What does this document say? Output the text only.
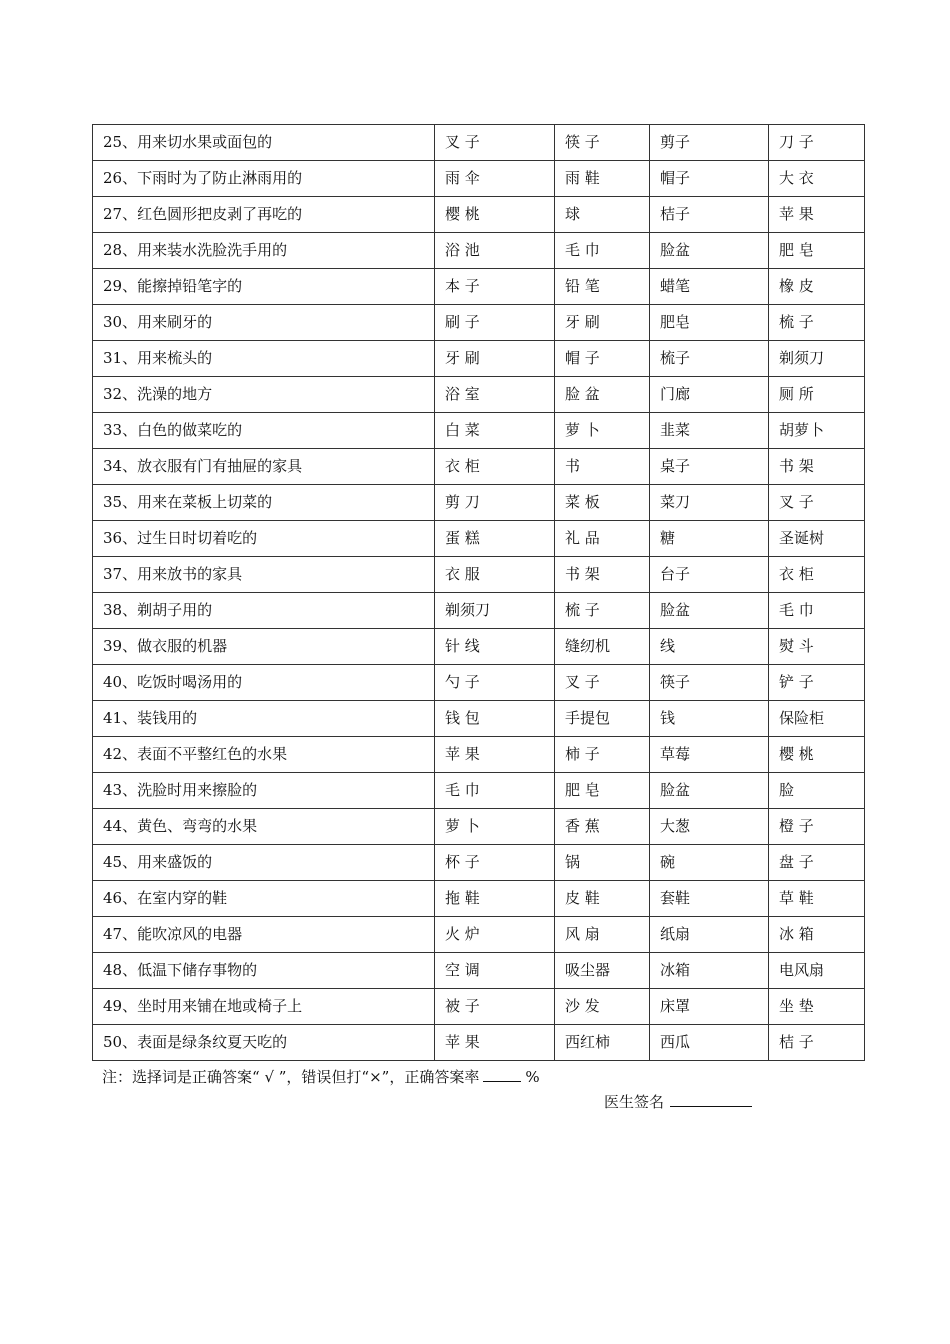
25、用来切水果或面包的	叉 子	筷 子	剪子	刀 子
26、下雨时为了防止淋雨用的	雨 伞	雨 鞋	帽子	大 衣
27、红色圆形把皮剥了再吃的	樱 桃	球	桔子	苹 果
28、用来装水洗脸洗手用的	浴 池	毛 巾	脸盆	肥 皂
29、能擦掉铅笔字的	本 子	铅 笔	蜡笔	橡 皮
30、用来刷牙的	刷 子	牙 刷	肥皂	梳 子
31、用来梳头的	牙 刷	帽 子	梳子	剃须刀
32、洗澡的地方	浴 室	脸 盆	门廊	厕 所
33、白色的做菜吃的	白 菜	萝 卜	韭菜	胡萝卜
34、放衣服有门有抽屉的家具	衣 柜	书	桌子	书 架
35、用来在菜板上切菜的	剪 刀	菜 板	菜刀	叉 子
36、过生日时切着吃的	蛋 糕	礼 品	糖	圣诞树
37、用来放书的家具	衣 服	书 架	台子	衣 柜
38、剃胡子用的	剃须刀	梳 子	脸盆	毛 巾
39、做衣服的机器	针 线	缝纫机	线	熨 斗
40、吃饭时喝汤用的	勺 子	叉 子	筷子	铲 子
41、装钱用的	钱 包	手提包	钱	保险柜
42、表面不平整红色的水果	苹 果	柿 子	草莓	樱 桃
43、洗脸时用来擦脸的	毛 巾	肥 皂	脸盆	脸
44、黄色、弯弯的水果	萝 卜	香 蕉	大葱	橙 子
45、用来盛饭的	杯 子	锅	碗	盘 子
46、在室内穿的鞋	拖 鞋	皮 鞋	套鞋	草 鞋
47、能吹凉风的电器	火 炉	风 扇	纸扇	冰 箱
48、低温下储存事物的	空 调	吸尘器	冰箱	电风扇
49、坐时用来铺在地或椅子上	被 子	沙 发	床罩	坐 垫
50、表面是绿条纹夏天吃的	苹 果	西红柿	西瓜	桔 子
注：选择词是正确答案“ √ ”，错误但打“×”，正确答案率	%
医生签名
